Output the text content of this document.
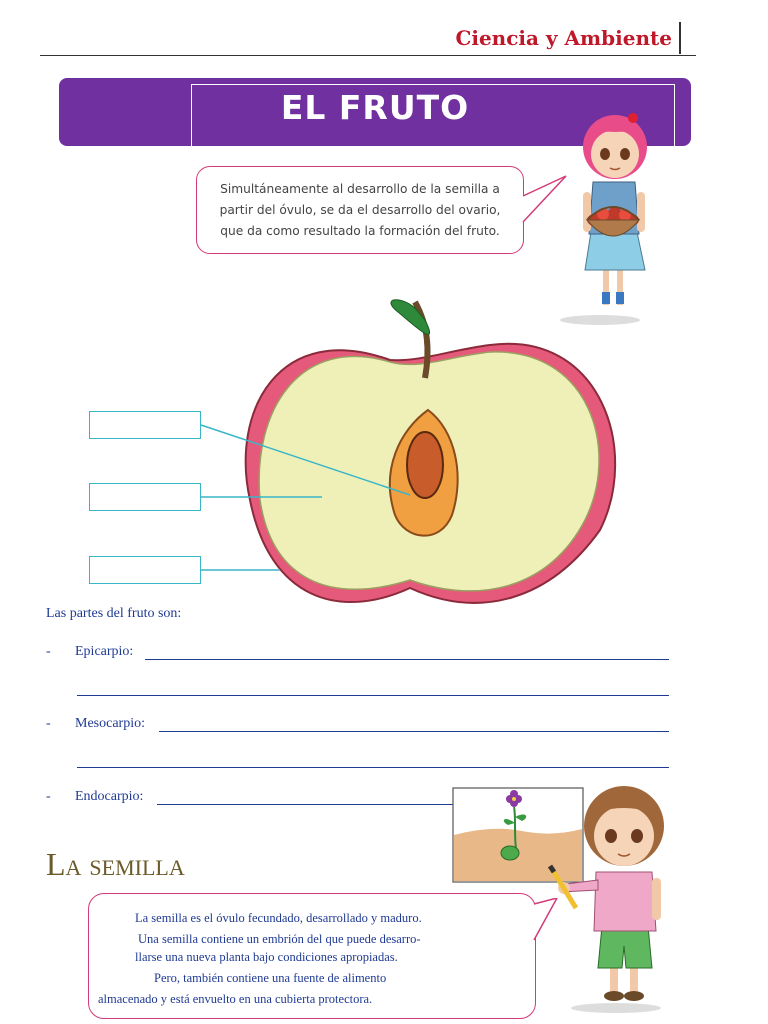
Ciencia y Ambiente
EL FRUTO
Simultáneamente al desarrollo de la semilla a
partir del óvulo, se da el desarrollo del ovario,
que da como resultado la formación del fruto.
Las partes del fruto son:
- Epicarpio:
- Mesocarpio:
- Endocarpio:
La semilla
La semilla es el óvulo fecundado, desarrollado y maduro.
Una semilla contiene un embrión del que puede desarro-
llarse una nueva planta bajo condiciones apropiadas.
Pero, también contiene una fuente de alimento
almacenado y está envuelto en una cubierta protectora.
